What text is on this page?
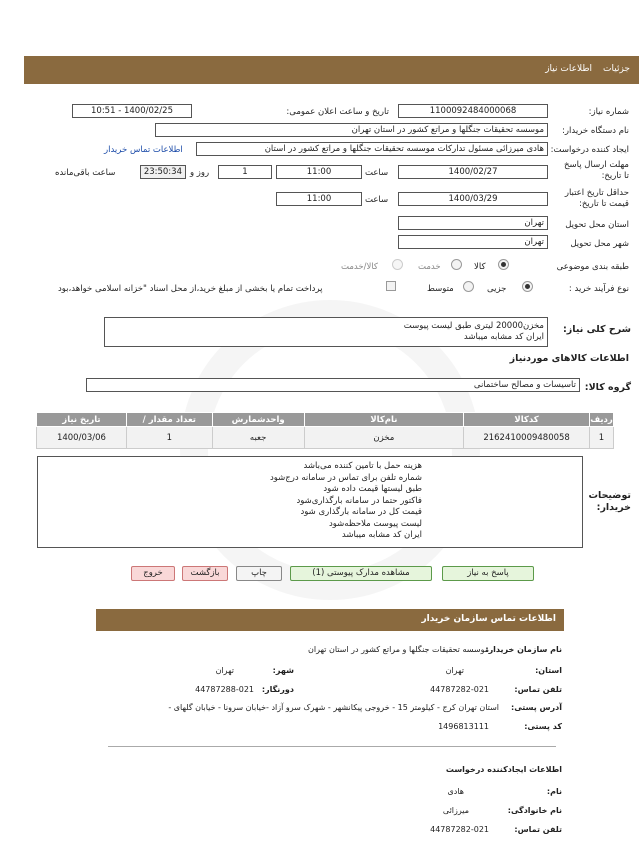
جزئیات
اطلاعات نیاز
شماره نیاز:
1100092484000068
تاریخ و ساعت اعلان عمومی:
1400/02/25 - 10:51
نام دستگاه خریدار:
موسسه تحقیقات جنگلها و مراتع کشور در استان تهران
ایجاد کننده درخواست:
هادی میرزائی مسئول تدارکات موسسه تحقیقات جنگلها و مراتع کشور در استان
اطلاعات تماس خریدار
مهلت ارسال پاسخ تا تاریخ:
1400/02/27
ساعت
11:00
1
روز و
23:50:34
ساعت باقی‌مانده
حداقل تاریخ اعتبار قیمت تا تاریخ:
1400/03/29
ساعت
11:00
استان محل تحویل
تهران
شهر محل تحویل
تهران
طبقه بندی موضوعی
کالا
خدمت
کالا/خدمت
نوع فرآیند خرید :
جزیی
متوسط
پرداخت تمام یا بخشی از مبلغ خرید،از محل اسناد "خزانه اسلامی خواهد،بود
شرح کلی نیاز:
مخزن20000 لیتری طبق لیست پیوست
ایران کد مشابه میباشد
اطلاعات کالاهای موردنیاز
گروه کالا:
تاسیسات و مصالح ساختمانی
ردیف	کدکالا	نام‌کالا	واحدشمارش	تعداد مقدار /	تاریخ نیاز
1	2162410009480058	مخزن	جعبه	1	1400/03/06
توضیحات خریدار:
هزینه حمل با تامین کننده می‌باشد
شماره تلفن برای تماس در سامانه درج‌شود
طبق لیستها قیمت داده شود
فاکتور حتما در سامانه بارگذاری‌شود
قیمت کل در سامانه بارگذاری شود
لیست پیوست ملاحظه‌شود
ایران کد مشابه میباشد
پاسخ به نیاز
مشاهده مدارک پیوستی (1)
چاپ
بازگشت
خروج
اطلاعات تماس سازمان خریدار
نام سازمان خریدار:
موسسه تحقیقات جنگلها و مراتع کشور در استان تهران
استان:
تهران
شهر:
تهران
تلفن تماس:
44787282-021
دورنگار:
44787288-021
آدرس پستی:
استان تهران کرج - کیلومتر 15 - خروجی پیکانشهر - شهرک سرو آزاد -خیابان سرونا - خیابان گلهای -
کد پستی:
1496813111
اطلاعات ایجادکننده درخواست
نام:
هادی
نام خانوادگی:
میرزائی
تلفن تماس:
44787282-021
